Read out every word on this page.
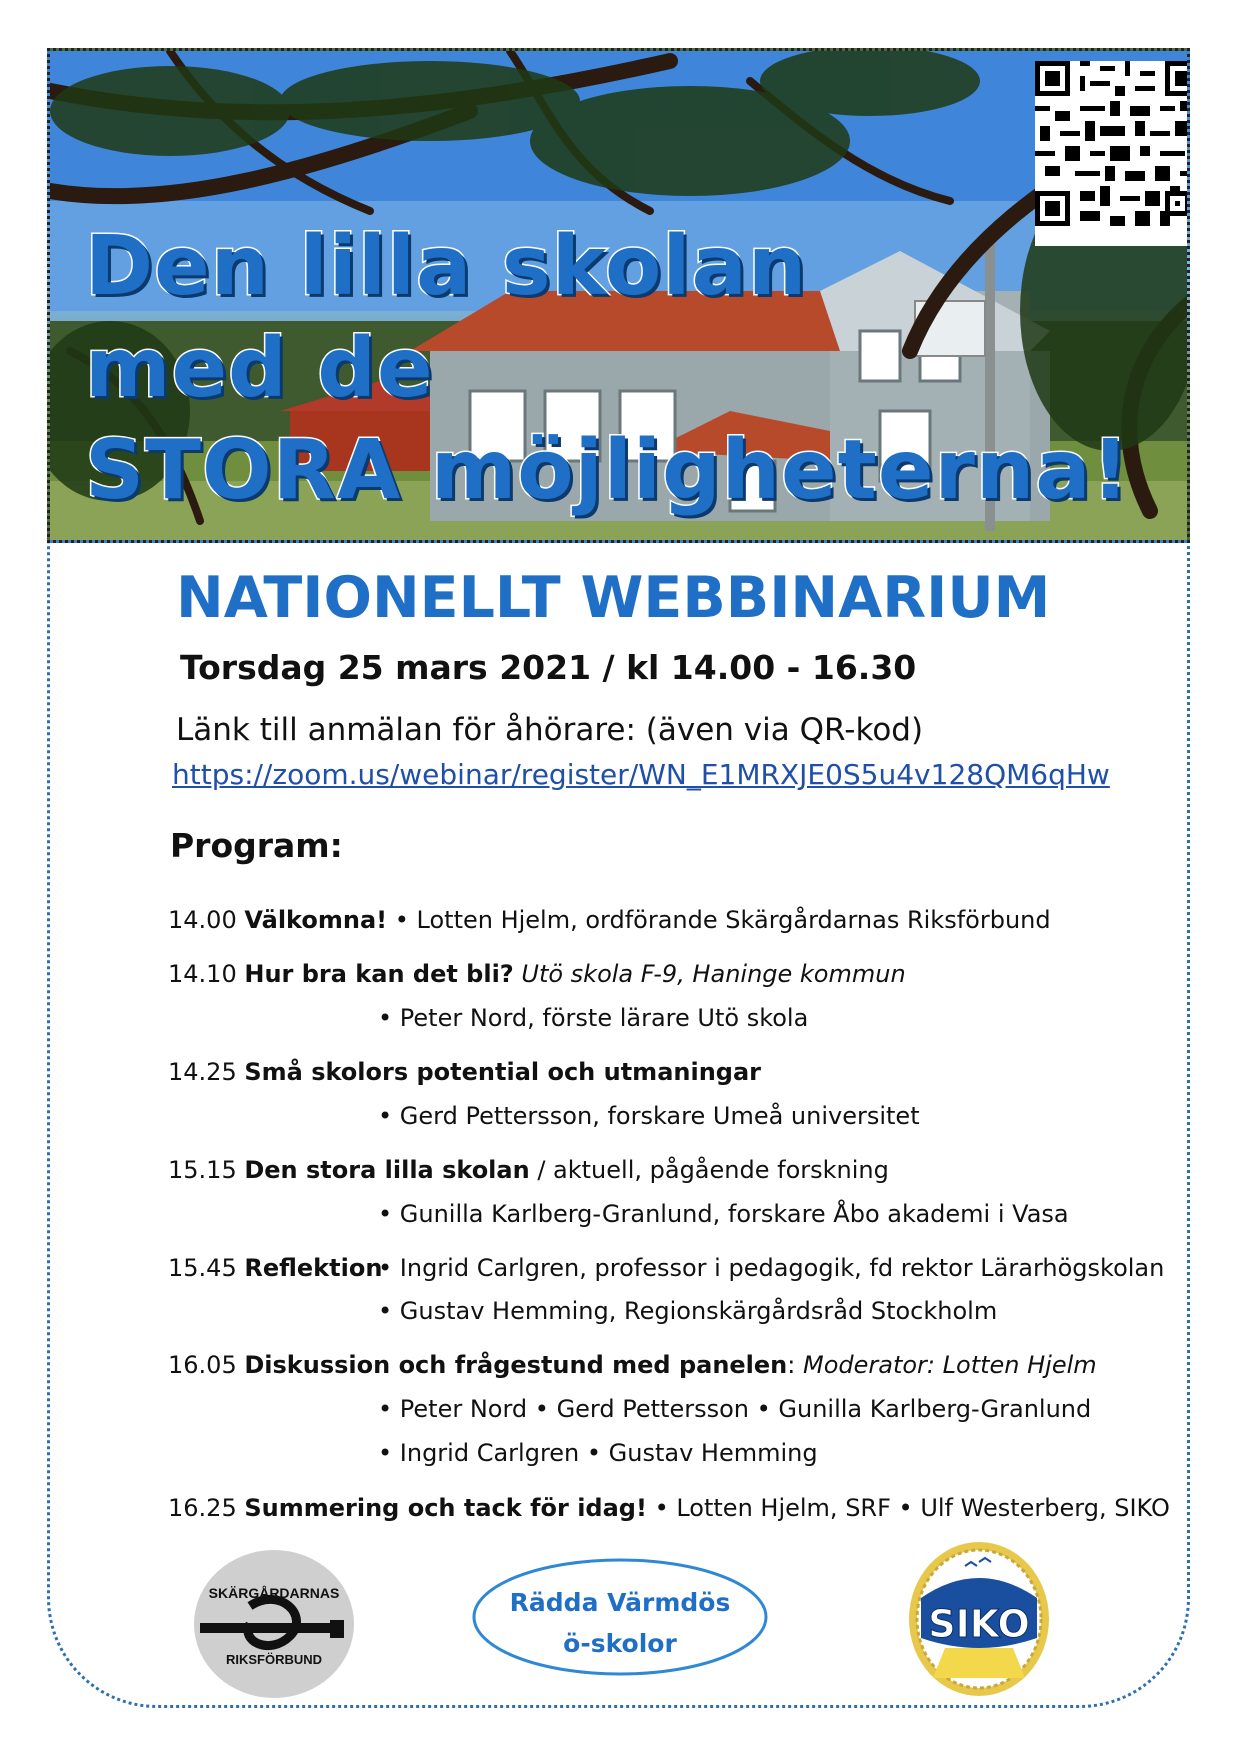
Den lilla skolan
med de
STORA möjligheterna!
NATIONELLT WEBBINARIUM

Torsdag 25 mars 2021 / kl 14.00 - 16.30

Länk till anmälan för åhörare: (även via QR-kod)

https://zoom.us/webinar/register/WN_E1MRXJE0S5u4v128QM6qHw
Program:
14.00 Välkomna! • Lotten Hjelm, ordförande Skärgårdarnas Riksförbund
14.10 Hur bra kan det bli? Utö skola F-9, Haninge kommun
• Peter Nord, förste lärare Utö skola
14.25 Små skolors potential och utmaningar
• Gerd Pettersson, forskare Umeå universitet
15.15 Den stora lilla skolan / aktuell, pågående forskning
• Gunilla Karlberg-Granlund, forskare Åbo akademi i Vasa
15.45 Reflektion
• Ingrid Carlgren, professor i pedagogik, fd rektor Lärarhögskolan
• Gustav Hemming, Regionskärgårdsråd Stockholm
16.05 Diskussion och frågestund med panelen: Moderator: Lotten Hjelm
• Peter Nord • Gerd Pettersson • Gunilla Karlberg-Granlund
• Ingrid Carlgren • Gustav Hemming
16.25 Summering och tack för idag! • Lotten Hjelm, SRF • Ulf Westerberg, SIKO
SKÄRGÅRDARNAS
RIKSFÖRBUND
Rädda Värmdös
ö-skolor	SIKO
